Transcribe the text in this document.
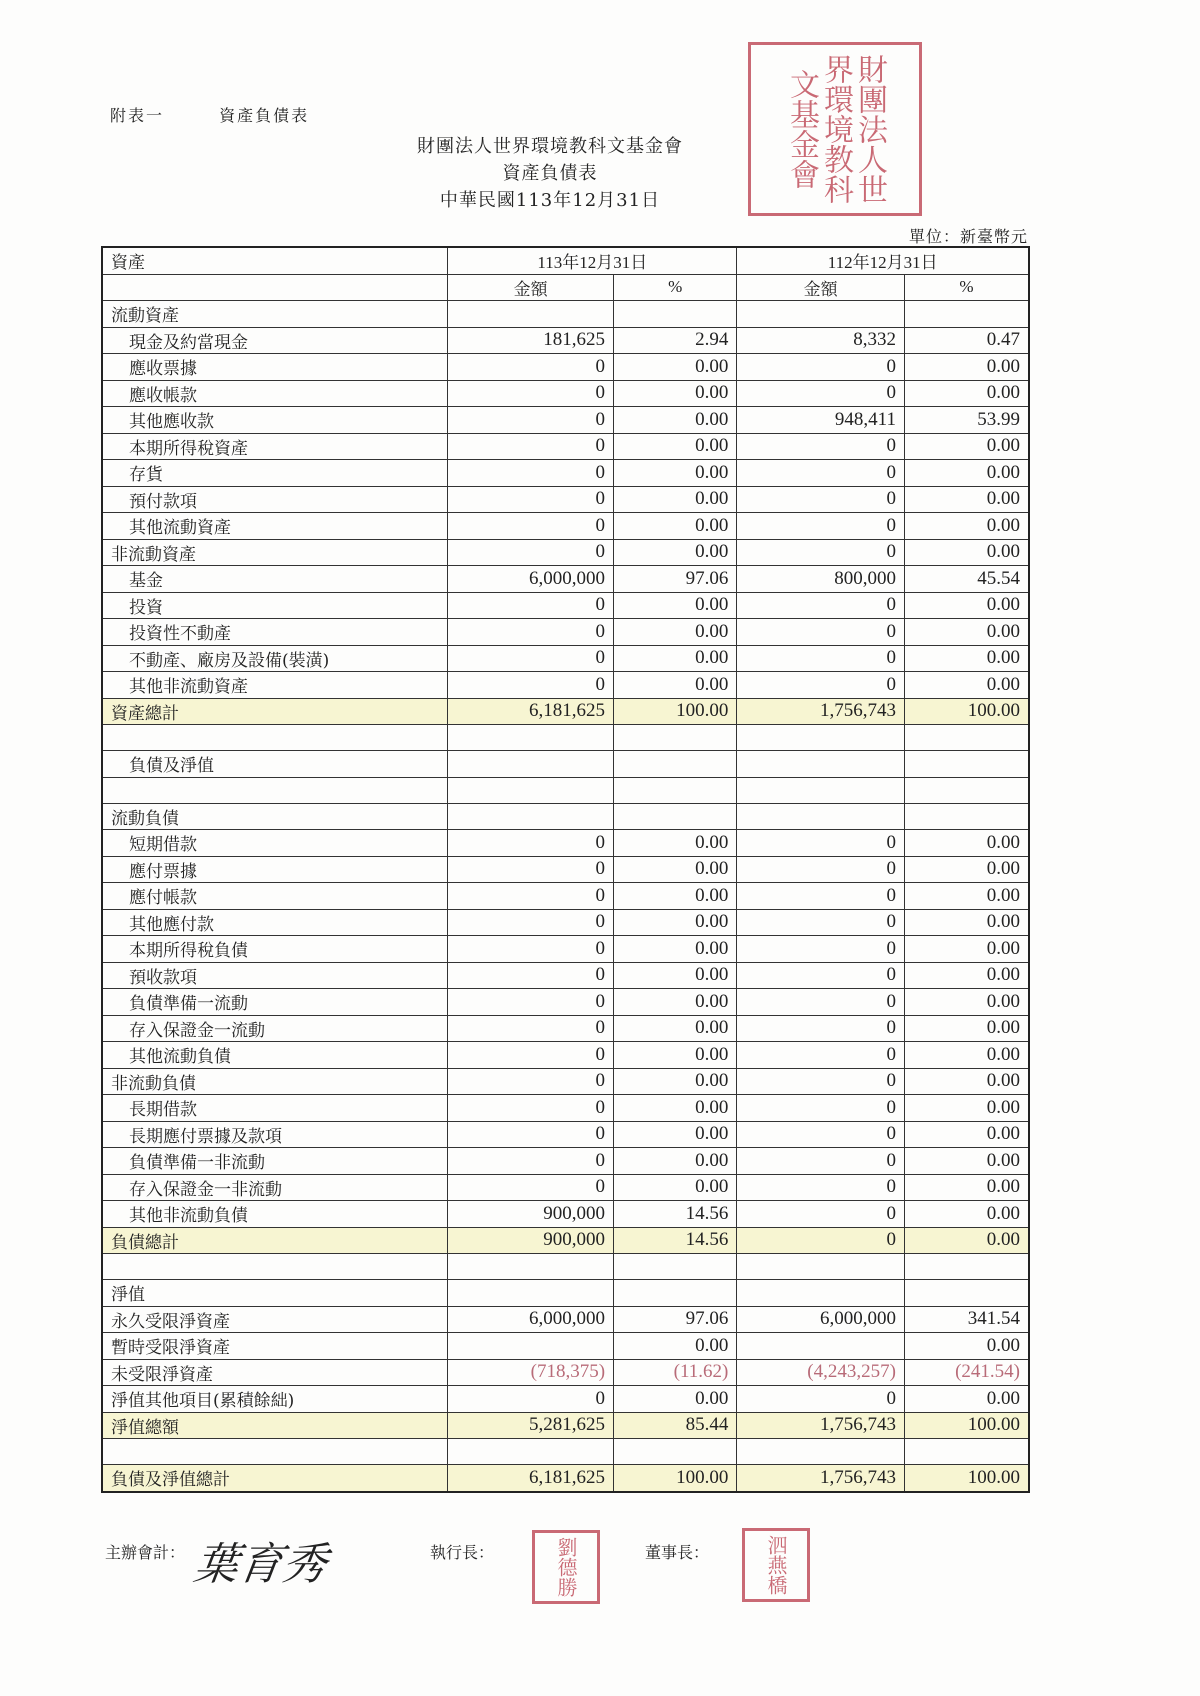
附表一	資產負債表
財團法人世界環境教科文基金會
資產負債表
中華民國113年12月31日	財團法人世界環境教科文基金會
單位：新臺幣元
資產	113年12月31日		112年12月31日	
	金額	%	金額	%
流動資產				
現金及約當現金	181,625	2.94	8,332	0.47
應收票據	0	0.00	0	0.00
應收帳款	0	0.00	0	0.00
其他應收款	0	0.00	948,411	53.99
本期所得稅資產	0	0.00	0	0.00
存貨	0	0.00	0	0.00
預付款項	0	0.00	0	0.00
其他流動資產	0	0.00	0	0.00
非流動資產	0	0.00	0	0.00
基金	6,000,000	97.06	800,000	45.54
投資	0	0.00	0	0.00
投資性不動產	0	0.00	0	0.00
不動產、廠房及設備(裝潢)	0	0.00	0	0.00
其他非流動資產	0	0.00	0	0.00
資產總計	6,181,625	100.00	1,756,743	100.00

負債及淨值				

流動負債				
短期借款	0	0.00	0	0.00
應付票據	0	0.00	0	0.00
應付帳款	0	0.00	0	0.00
其他應付款	0	0.00	0	0.00
本期所得稅負債	0	0.00	0	0.00
預收款項	0	0.00	0	0.00
負債準備一流動	0	0.00	0	0.00
存入保證金一流動	0	0.00	0	0.00
其他流動負債	0	0.00	0	0.00
非流動負債	0	0.00	0	0.00
長期借款	0	0.00	0	0.00
長期應付票據及款項	0	0.00	0	0.00
負債準備一非流動	0	0.00	0	0.00
存入保證金一非流動	0	0.00	0	0.00
其他非流動負債	900,000	14.56	0	0.00
負債總計	900,000	14.56	0	0.00

淨值				
永久受限淨資產	6,000,000	97.06	6,000,000	341.54
暫時受限淨資產		0.00		0.00
未受限淨資產	(718,375)	(11.62)	(4,243,257)	(241.54)
淨值其他項目(累積餘絀)	0	0.00	0	0.00
淨值總額	5,281,625	85.44	1,756,743	100.00

負債及淨值總計	6,181,625	100.00	1,756,743	100.00
主辦會計： 葉育秀	執行長：	董事長：
劉德勝	泗燕橋
